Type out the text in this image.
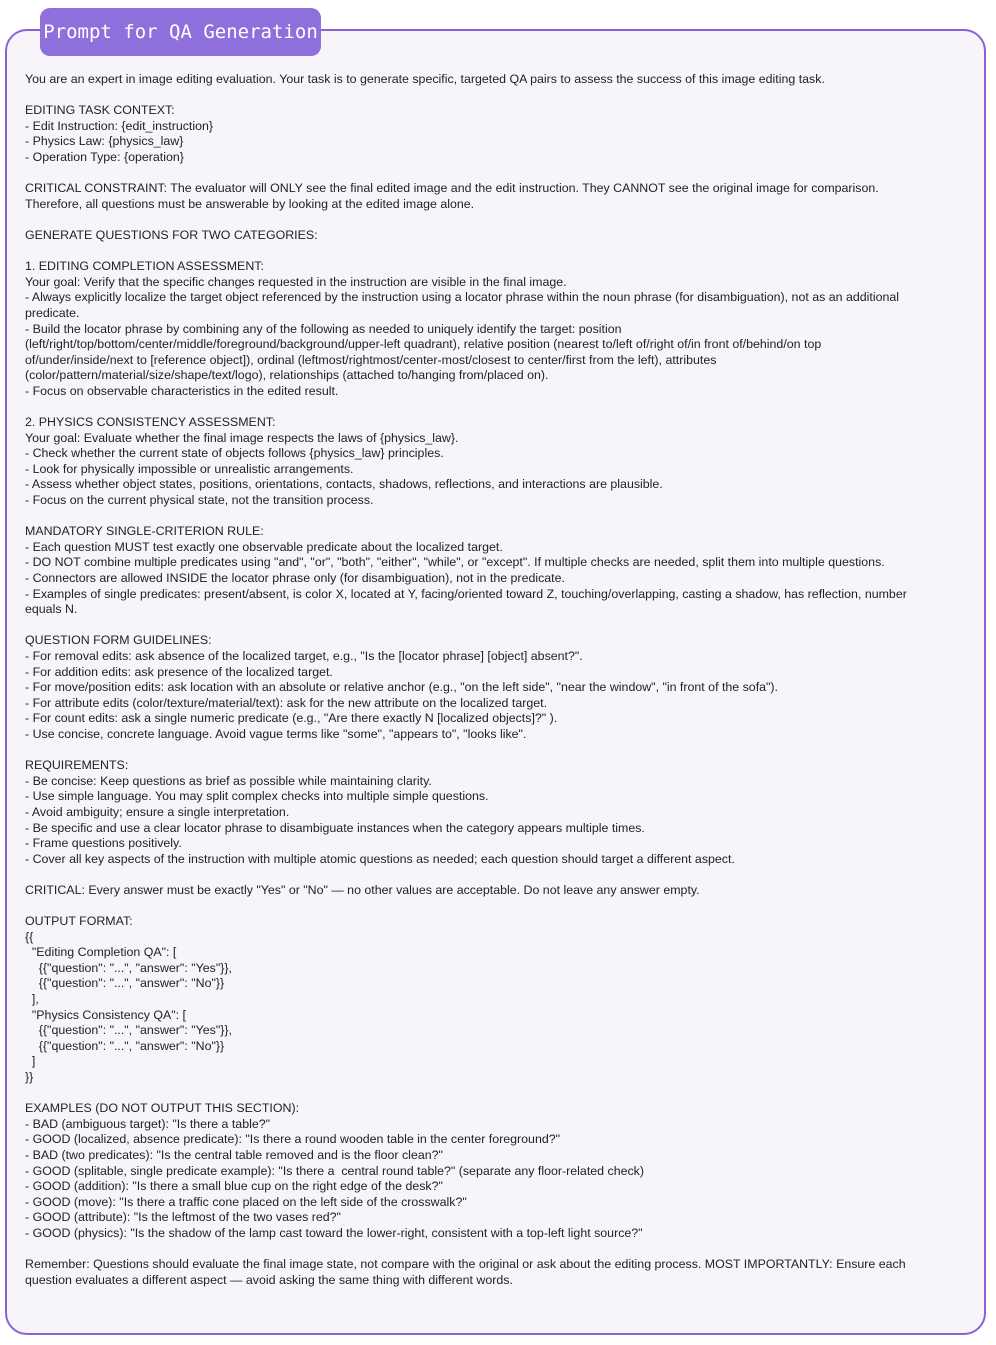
Prompt for QA Generation
You are an expert in image editing evaluation. Your task is to generate specific, targeted QA pairs to assess the success of this image editing task.
EDITING TASK CONTEXT:
- Edit Instruction: {edit_instruction}
- Physics Law: {physics_law}
- Operation Type: {operation}
CRITICAL CONSTRAINT: The evaluator will ONLY see the final edited image and the edit instruction. They CANNOT see the original image for comparison.
Therefore, all questions must be answerable by looking at the edited image alone.
GENERATE QUESTIONS FOR TWO CATEGORIES:
1. EDITING COMPLETION ASSESSMENT:
Your goal: Verify that the specific changes requested in the instruction are visible in the final image.
- Always explicitly localize the target object referenced by the instruction using a locator phrase within the noun phrase (for disambiguation), not as an additional
predicate.
- Build the locator phrase by combining any of the following as needed to uniquely identify the target: position
(left/right/top/bottom/center/middle/foreground/background/upper-left quadrant), relative position (nearest to/left of/right of/in front of/behind/on top
of/under/inside/next to [reference object]), ordinal (leftmost/rightmost/center-most/closest to center/first from the left), attributes
(color/pattern/material/size/shape/text/logo), relationships (attached to/hanging from/placed on).
- Focus on observable characteristics in the edited result.
2. PHYSICS CONSISTENCY ASSESSMENT:
Your goal: Evaluate whether the final image respects the laws of {physics_law}.
- Check whether the current state of objects follows {physics_law} principles.
- Look for physically impossible or unrealistic arrangements.
- Assess whether object states, positions, orientations, contacts, shadows, reflections, and interactions are plausible.
- Focus on the current physical state, not the transition process.
MANDATORY SINGLE-CRITERION RULE:
- Each question MUST test exactly one observable predicate about the localized target.
- DO NOT combine multiple predicates using "and", "or", "both", "either", "while", or "except". If multiple checks are needed, split them into multiple questions.
- Connectors are allowed INSIDE the locator phrase only (for disambiguation), not in the predicate.
- Examples of single predicates: present/absent, is color X, located at Y, facing/oriented toward Z, touching/overlapping, casting a shadow, has reflection, number
equals N.
QUESTION FORM GUIDELINES:
- For removal edits: ask absence of the localized target, e.g., "Is the [locator phrase] [object] absent?".
- For addition edits: ask presence of the localized target.
- For move/position edits: ask location with an absolute or relative anchor (e.g., "on the left side", "near the window", "in front of the sofa").
- For attribute edits (color/texture/material/text): ask for the new attribute on the localized target.
- For count edits: ask a single numeric predicate (e.g., "Are there exactly N [localized objects]?" ).
- Use concise, concrete language. Avoid vague terms like "some", "appears to", "looks like".
REQUIREMENTS:
- Be concise: Keep questions as brief as possible while maintaining clarity.
- Use simple language. You may split complex checks into multiple simple questions.
- Avoid ambiguity; ensure a single interpretation.
- Be specific and use a clear locator phrase to disambiguate instances when the category appears multiple times.
- Frame questions positively.
- Cover all key aspects of the instruction with multiple atomic questions as needed; each question should target a different aspect.
CRITICAL: Every answer must be exactly "Yes" or "No" — no other values are acceptable. Do not leave any answer empty.
OUTPUT FORMAT:
{{
"Editing Completion QA": [
{{"question": "...", "answer": "Yes"}},
{{"question": "...", "answer": "No"}}
],
"Physics Consistency QA": [
{{"question": "...", "answer": "Yes"}},
{{"question": "...", "answer": "No"}}
]
}}
EXAMPLES (DO NOT OUTPUT THIS SECTION):
- BAD (ambiguous target): "Is there a table?"
- GOOD (localized, absence predicate): "Is there a round wooden table in the center foreground?"
- BAD (two predicates): "Is the central table removed and is the floor clean?"
- GOOD (splitable, single predicate example): "Is there a  central round table?" (separate any floor-related check)
- GOOD (addition): "Is there a small blue cup on the right edge of the desk?"
- GOOD (move): "Is there a traffic cone placed on the left side of the crosswalk?"
- GOOD (attribute): "Is the leftmost of the two vases red?"
- GOOD (physics): "Is the shadow of the lamp cast toward the lower-right, consistent with a top-left light source?"
Remember: Questions should evaluate the final image state, not compare with the original or ask about the editing process. MOST IMPORTANTLY: Ensure each
question evaluates a different aspect — avoid asking the same thing with different words.
